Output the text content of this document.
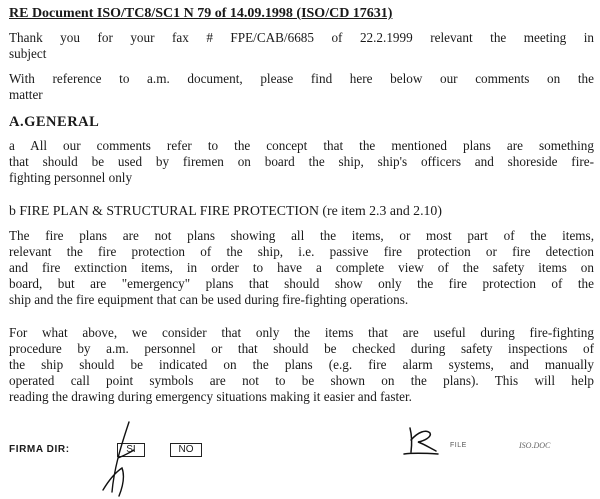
RE Document ISO/TC8/SC1 N 79 of 14.09.1998 (ISO/CD 17631)
Thank you for your fax # FPE/CAB/6685 of 22.2.1999 relevant the meeting in
subject
With reference to a.m. document, please find here below our comments on the
matter
A.GENERAL
a All our comments refer to the concept that the mentioned plans are something
that should be used by firemen on board the ship, ship's officers and shoreside fire-
fighting personnel only
b FIRE PLAN & STRUCTURAL FIRE PROTECTION (re item 2.3 and 2.10)
The fire plans are not plans showing all the items, or most part of the items,
relevant the fire protection of the ship, i.e. passive fire protection or fire detection
and fire extinction items, in order to have a complete view of the safety items on
board, but are "emergency" plans that should show only the fire protection of the
ship and the fire equipment that can be used during fire-fighting operations.
For what above, we consider that only the items that are useful during fire-fighting
procedure by a.m. personnel or that should be checked during safety inspections of
the ship should be indicated on the plans (e.g. fire alarm systems, and manually
operated call point symbols are not to be shown on the plans). This will help
reading the drawing during emergency situations making it easier and faster.
FIRMA DIR:	SI	NO	FILE	ISO.DOC
